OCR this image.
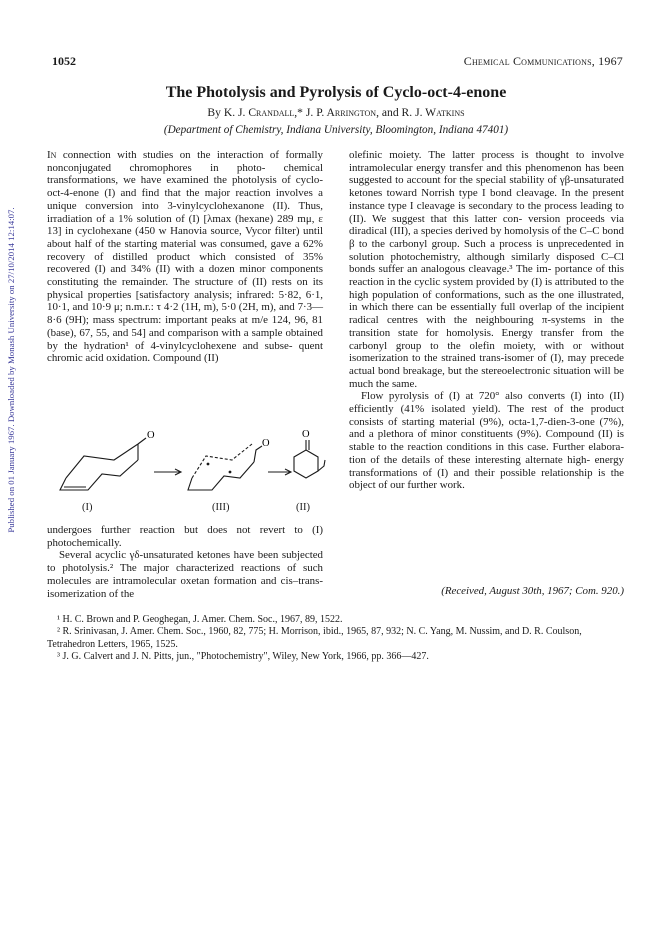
1052	Chemical Communications, 1967
The Photolysis and Pyrolysis of Cyclo-oct-4-enone
By K. J. Crandall,* J. P. Arrington, and R. J. Watkins
(Department of Chemistry, Indiana University, Bloomington, Indiana 47401)
Published on 01 January 1967. Downloaded by Monash University on 27/10/2014 12:14:07.

In connection with studies on the interaction of formally nonconjugated chromophores in photo- chemical transformations, we have examined the photolysis of cyclo-oct-4-enone (I) and find that the major reaction involves a unique conversion into 3-vinylcyclohexanone (II). Thus, irradiation of a 1% solution of (I) [λmax (hexane) 289 mμ, ε 13] in cyclohexane (450 w Hanovia source, Vycor filter) until about half of the starting material was consumed, gave a 62% recovery of distilled product which consisted of 35% recovered (I) and 34% (II) with a dozen minor components constituting the remainder. The structure of (II) rests on its physical properties [satisfactory analysis; infrared: 5·82, 6·1, 10·1, and 10·9 μ; n.m.r.: τ 4·2 (1H, m), 5·0 (2H, m), and 7·3—8·6 (9H); mass spectrum: important peaks at m/e 124, 96, 81 (base), 67, 55, and 54] and comparison with a sample obtained by the hydration¹ of 4-vinylcyclohexene and subse- quent chromic acid oxidation. Compound (II)

O
O
O
(I)	(III)	(II)

undergoes further reaction but does not revert to (I) photochemically.

Several acyclic γδ-unsaturated ketones have been subjected to photolysis.² The major characterized reactions of such molecules are intramolecular oxetan formation and cis–trans-isomerization of the

olefinic moiety. The latter process is thought to involve intramolecular energy transfer and this phenomenon has been suggested to account for the special stability of γβ-unsaturated ketones toward Norrish type I bond cleavage. In the present instance type I cleavage is secondary to the process leading to (II). We suggest that this latter con- version proceeds via diradical (III), a species derived by homolysis of the C–C bond β to the carbonyl group. Such a process is unprecedented in solution photochemistry, although similarly disposed C–Cl bonds suffer an analogous cleavage.³ The im- portance of this reaction in the cyclic system provided by (I) is attributed to the high population of conformations, such as the one illustrated, in which there can be essentially full overlap of the incipient radical centres with the neighbouring π-systems in the transition state for homolysis. Energy transfer from the carbonyl group to the olefin moiety, with or without isomerization to the strained trans-isomer of (I), may precede actual bond breakage, but the stereoelectronic situation will be much the same.

Flow pyrolysis of (I) at 720° also converts (I) into (II) efficiently (41% isolated yield). The rest of the product consists of starting material (9%), octa-1,7-dien-3-one (7%), and a plethora of minor constituents (9%). Compound (II) is stable to the reaction conditions in this case. Further elabora- tion of the details of these interesting alternate high- energy transformations of (I) and their possible relationship is the object of our further work.

(Received, August 30th, 1967; Com. 920.)

¹ H. C. Brown and P. Geoghegan, J. Amer. Chem. Soc., 1967, 89, 1522.

² R. Srinivasan, J. Amer. Chem. Soc., 1960, 82, 775; H. Morrison, ibid., 1965, 87, 932; N. C. Yang, M. Nussim, and D. R. Coulson, Tetrahedron Letters, 1965, 1525.

³ J. G. Calvert and J. N. Pitts, jun., "Photochemistry", Wiley, New York, 1966, pp. 366—427.
